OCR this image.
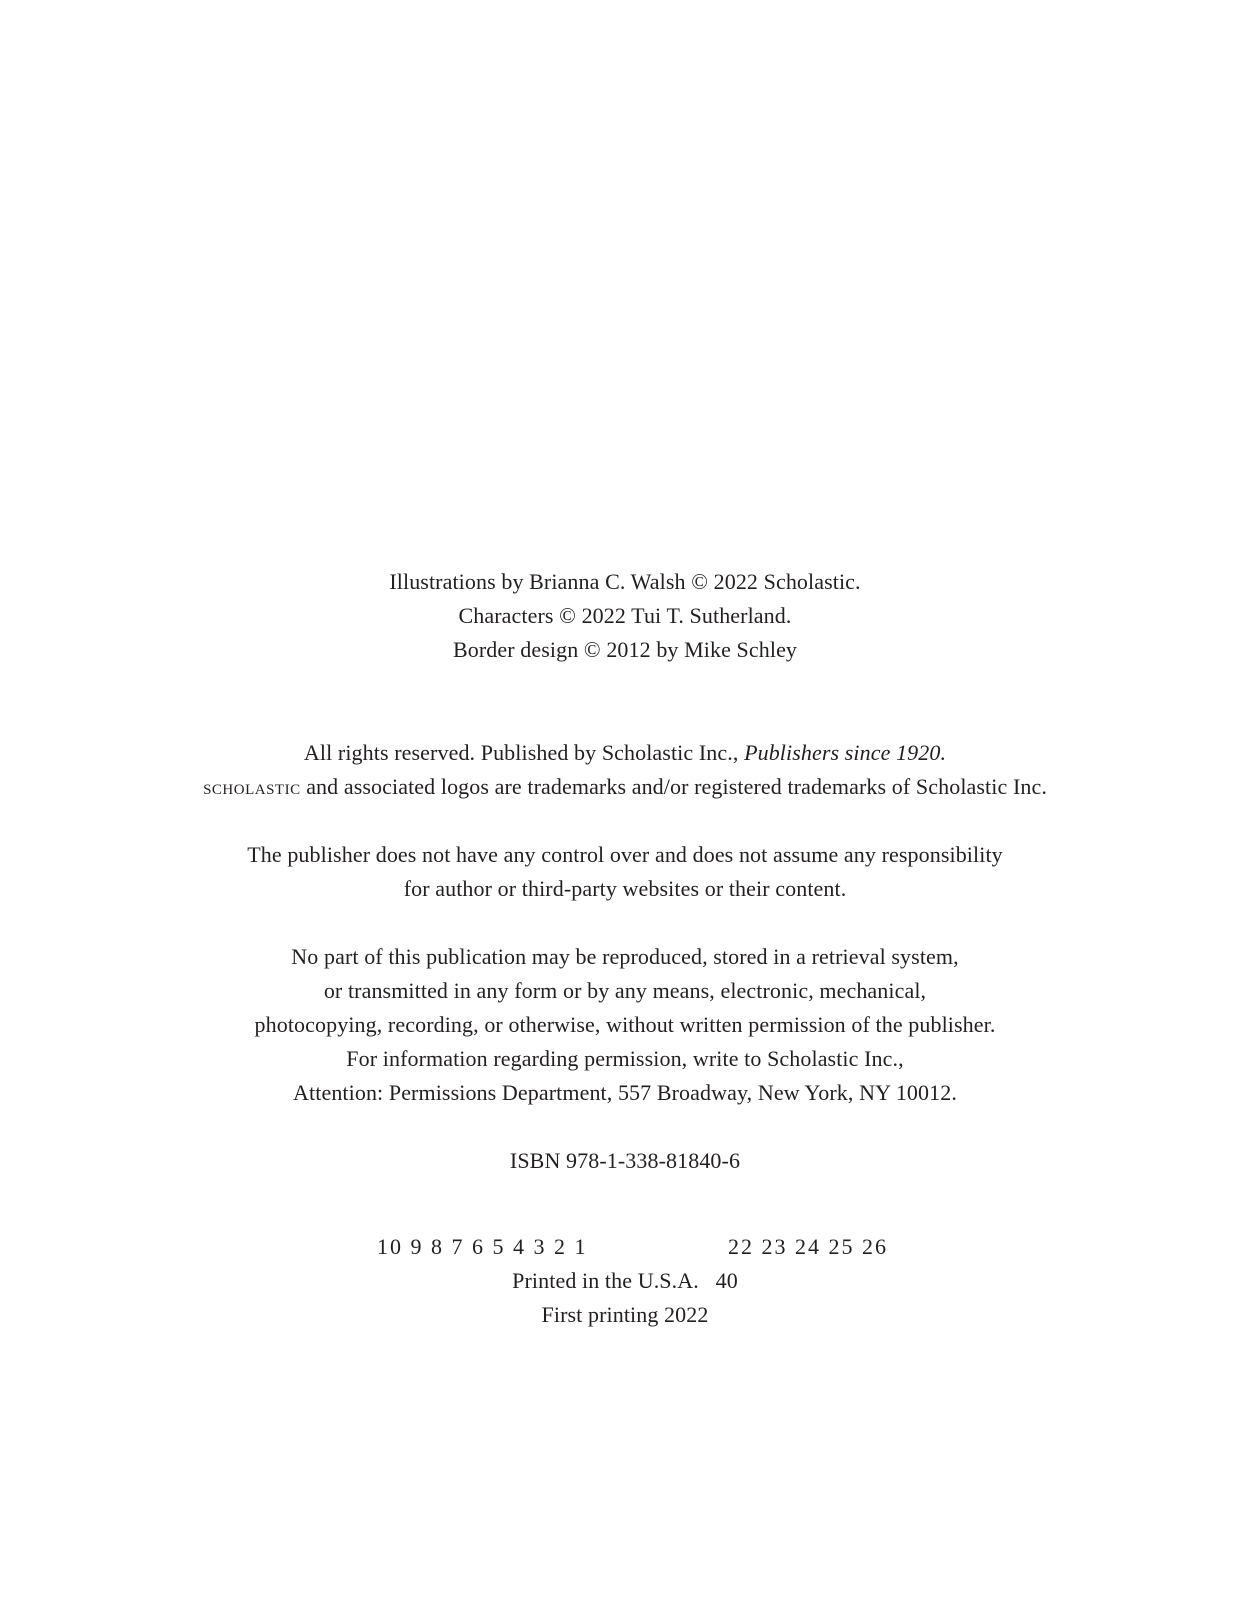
Illustrations by Brianna C. Walsh © 2022 Scholastic.
Characters © 2022 Tui T. Sutherland.
Border design © 2012 by Mike Schley
All rights reserved. Published by Scholastic Inc., Publishers since 1920.
scholastic and associated logos are trademarks and/or registered trademarks of Scholastic Inc.
The publisher does not have any control over and does not assume any responsibility
for author or third-party websites or their content.
No part of this publication may be reproduced, stored in a retrieval system,
or transmitted in any form or by any means, electronic, mechanical,
photocopying, recording, or otherwise, without written permission of the publisher.
For information regarding permission, write to Scholastic Inc.,
Attention: Permissions Department, 557 Broadway, New York, NY 10012.
ISBN 978-1-338-81840-6
10 9 8 7 6 5 4 3 2 1	22 23 24 25 26
Printed in the U.S.A.   40
First printing 2022
